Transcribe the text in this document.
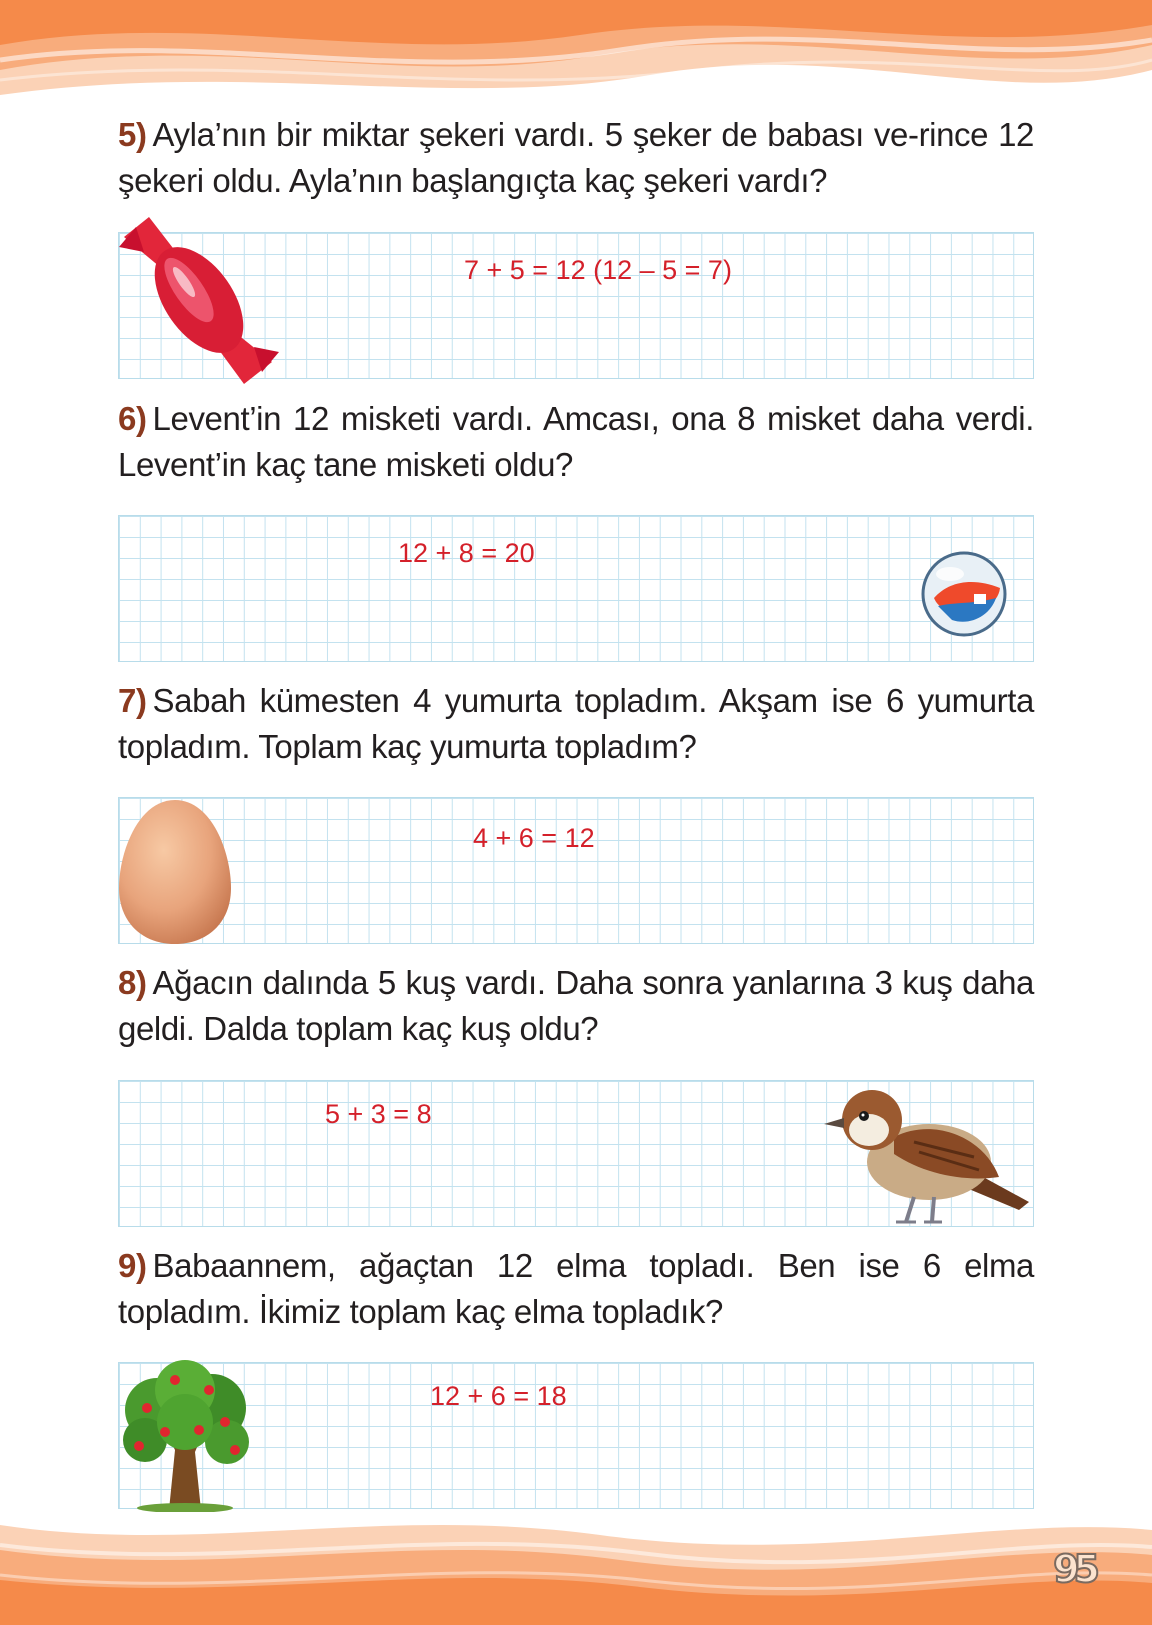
5) Ayla’nın bir miktar şekeri vardı. 5 şeker de babası ve-rince 12 şekeri oldu. Ayla’nın başlangıçta kaç şekeri vardı?

7 + 5 = 12 (12 – 5 = 7)

6) Levent’in 12 misketi vardı. Amcası, ona 8 misket daha verdi. Levent’in kaç tane misketi oldu?

12 + 8 = 20

7) Sabah kümesten 4 yumurta topladım. Akşam ise 6 yumurta topladım. Toplam kaç yumurta topladım?

4 + 6 = 12

8) Ağacın dalında 5 kuş vardı. Daha sonra yanlarına 3 kuş daha geldi. Dalda toplam kaç kuş oldu?

5 + 3 = 8

9) Babaannem, ağaçtan 12 elma topladı. Ben ise 6 elma topladım. İkimiz toplam kaç elma topladık?

12 + 6 = 18
95
